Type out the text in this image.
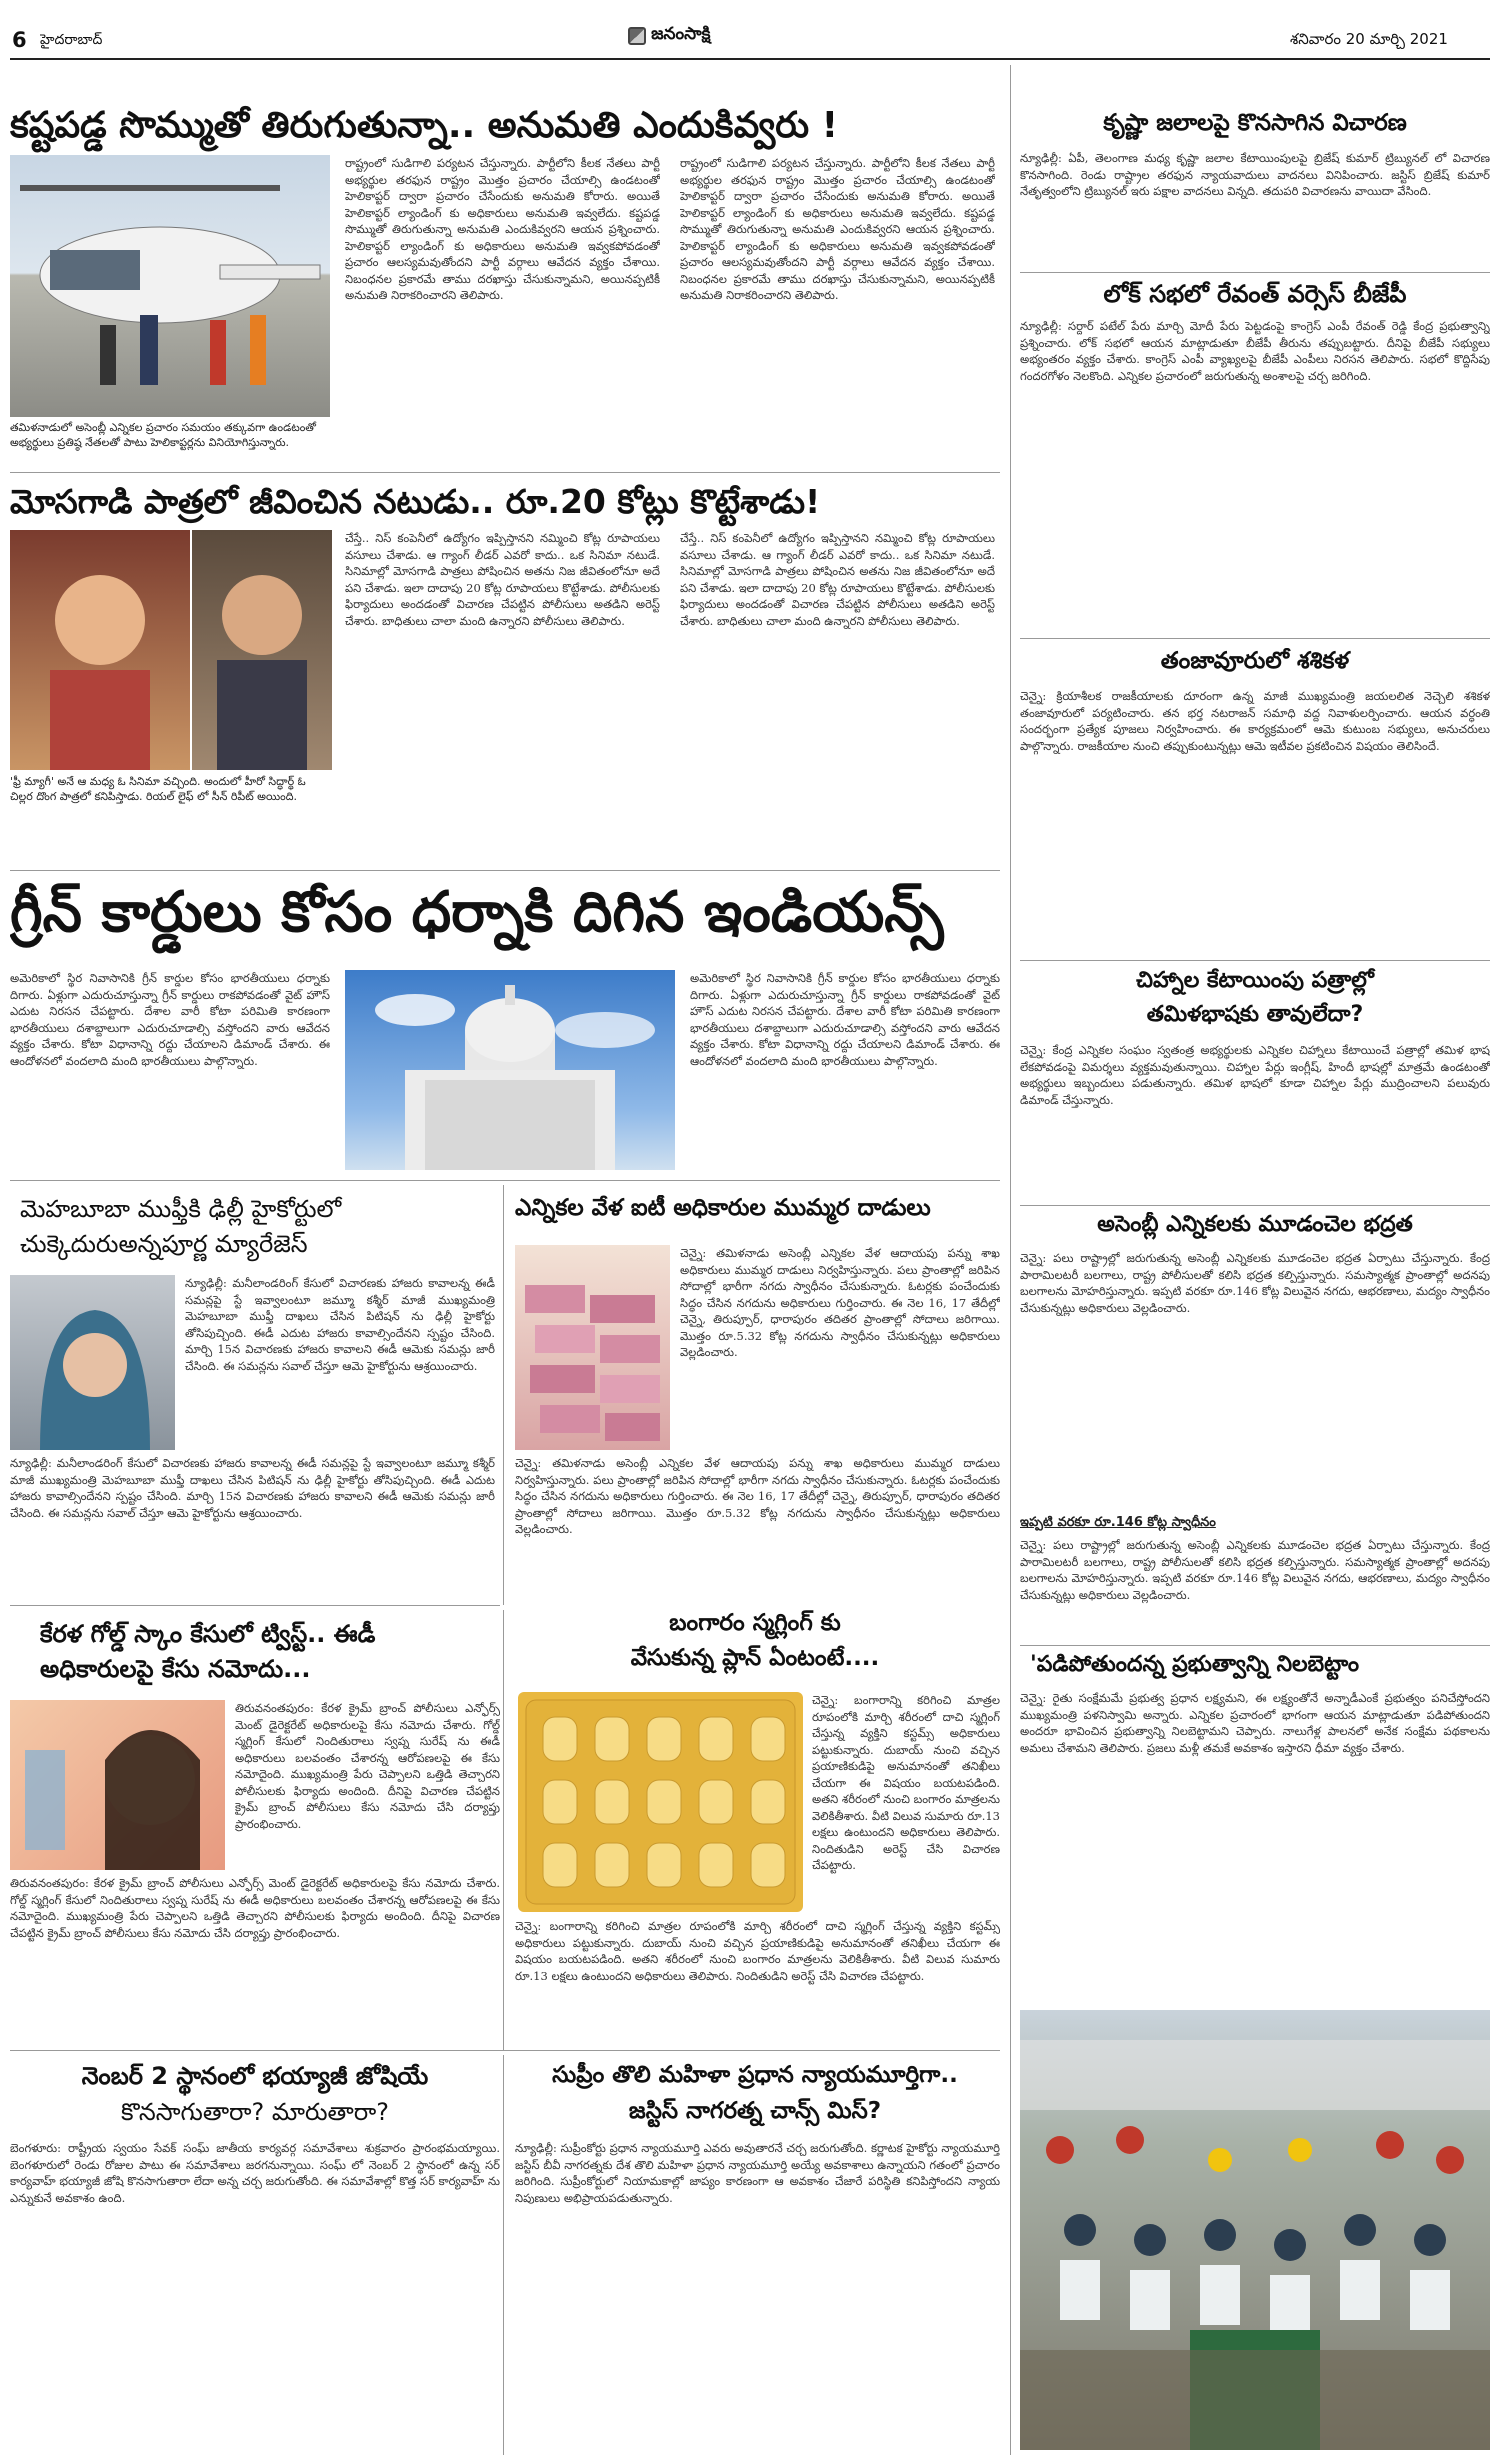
6 హైదరాబాద్	జనంసాక్షి	శనివారం 20 మార్చి 2021
కష్టపడ్డ సొమ్ముతో తిరుగుతున్నా.. అనుమతి ఎందుకివ్వరు !
తమిళనాడులో అసెంబ్లీ ఎన్నికల ప్రచారం సమయం తక్కువగా ఉండటంతో అభ్యర్థులు ప్రతిష్ఠ నేతలతో పాటు హెలికాప్టర్లను వినియోగిస్తున్నారు.
రాష్ట్రంలో సుడిగాలి పర్యటన చేస్తున్నారు. పార్టీలోని కీలక నేతలు పార్టీ అభ్యర్థుల తరఫున రాష్ట్రం మొత్తం ప్రచారం చేయాల్సి ఉండటంతో హెలికాప్టర్ ద్వారా ప్రచారం చేసేందుకు అనుమతి కోరారు. అయితే హెలికాప్టర్ ల్యాండింగ్ కు అధికారులు అనుమతి ఇవ్వలేదు. కష్టపడ్డ సొమ్ముతో తిరుగుతున్నా అనుమతి ఎందుకివ్వరని ఆయన ప్రశ్నించారు. హెలికాప్టర్ ల్యాండింగ్ కు అధికారులు అనుమతి ఇవ్వకపోవడంతో ప్రచారం ఆలస్యమవుతోందని పార్టీ వర్గాలు ఆవేదన వ్యక్తం చేశాయి. నిబంధనల ప్రకారమే తాము దరఖాస్తు చేసుకున్నామని, అయినప్పటికీ అనుమతి నిరాకరించారని తెలిపారు.
రాష్ట్రంలో సుడిగాలి పర్యటన చేస్తున్నారు. పార్టీలోని కీలక నేతలు పార్టీ అభ్యర్థుల తరఫున రాష్ట్రం మొత్తం ప్రచారం చేయాల్సి ఉండటంతో హెలికాప్టర్ ద్వారా ప్రచారం చేసేందుకు అనుమతి కోరారు. అయితే హెలికాప్టర్ ల్యాండింగ్ కు అధికారులు అనుమతి ఇవ్వలేదు. కష్టపడ్డ సొమ్ముతో తిరుగుతున్నా అనుమతి ఎందుకివ్వరని ఆయన ప్రశ్నించారు. హెలికాప్టర్ ల్యాండింగ్ కు అధికారులు అనుమతి ఇవ్వకపోవడంతో ప్రచారం ఆలస్యమవుతోందని పార్టీ వర్గాలు ఆవేదన వ్యక్తం చేశాయి. నిబంధనల ప్రకారమే తాము దరఖాస్తు చేసుకున్నామని, అయినప్పటికీ అనుమతి నిరాకరించారని తెలిపారు.
మోసగాడి పాత్రలో జీవించిన నటుడు.. రూ.20 కోట్లు కొట్టేశాడు!
'ఫ్రీ మ్యాగీ' అనే ఆ మధ్య ఓ సినిమా వచ్చింది. అందులో హీరో సిద్ధార్థ్ ఓ చిల్లర దొంగ పాత్రలో కనిపిస్తాడు. రియల్ లైఫ్ లో సీన్ రిపీట్ అయింది.
చేస్తే.. నిస్ కంపెనీలో ఉద్యోగం ఇప్పిస్తానని నమ్మించి కోట్ల రూపాయలు వసూలు చేశాడు. ఆ గ్యాంగ్ లీడర్ ఎవరో కాదు.. ఒక సినిమా నటుడే. సినిమాల్లో మోసగాడి పాత్రలు పోషించిన అతను నిజ జీవితంలోనూ అదే పని చేశాడు. ఇలా దాదాపు 20 కోట్ల రూపాయలు కొట్టేశాడు. పోలీసులకు ఫిర్యాదులు అందడంతో విచారణ చేపట్టిన పోలీసులు అతడిని అరెస్ట్ చేశారు. బాధితులు చాలా మంది ఉన్నారని పోలీసులు తెలిపారు.
చేస్తే.. నిస్ కంపెనీలో ఉద్యోగం ఇప్పిస్తానని నమ్మించి కోట్ల రూపాయలు వసూలు చేశాడు. ఆ గ్యాంగ్ లీడర్ ఎవరో కాదు.. ఒక సినిమా నటుడే. సినిమాల్లో మోసగాడి పాత్రలు పోషించిన అతను నిజ జీవితంలోనూ అదే పని చేశాడు. ఇలా దాదాపు 20 కోట్ల రూపాయలు కొట్టేశాడు. పోలీసులకు ఫిర్యాదులు అందడంతో విచారణ చేపట్టిన పోలీసులు అతడిని అరెస్ట్ చేశారు. బాధితులు చాలా మంది ఉన్నారని పోలీసులు తెలిపారు.
గ్రీన్ కార్డులు కోసం ధర్నాకి దిగిన ఇండియన్స్
అమెరికాలో స్థిర నివాసానికి గ్రీన్ కార్డుల కోసం భారతీయులు ధర్నాకు దిగారు. ఏళ్లుగా ఎదురుచూస్తున్నా గ్రీన్ కార్డులు రాకపోవడంతో వైట్ హౌస్ ఎదుట నిరసన చేపట్టారు. దేశాల వారీ కోటా పరిమితి కారణంగా భారతీయులు దశాబ్దాలుగా ఎదురుచూడాల్సి వస్తోందని వారు ఆవేదన వ్యక్తం చేశారు. కోటా విధానాన్ని రద్దు చేయాలని డిమాండ్ చేశారు. ఈ ఆందోళనలో వందలాది మంది భారతీయులు పాల్గొన్నారు.
అమెరికాలో స్థిర నివాసానికి గ్రీన్ కార్డుల కోసం భారతీయులు ధర్నాకు దిగారు. ఏళ్లుగా ఎదురుచూస్తున్నా గ్రీన్ కార్డులు రాకపోవడంతో వైట్ హౌస్ ఎదుట నిరసన చేపట్టారు. దేశాల వారీ కోటా పరిమితి కారణంగా భారతీయులు దశాబ్దాలుగా ఎదురుచూడాల్సి వస్తోందని వారు ఆవేదన వ్యక్తం చేశారు. కోటా విధానాన్ని రద్దు చేయాలని డిమాండ్ చేశారు. ఈ ఆందోళనలో వందలాది మంది భారతీయులు పాల్గొన్నారు.
మెహబూబా ముఫ్తీకి ఢిల్లీ హైకోర్టులో
చుక్కెదురుఅన్నపూర్ణ మ్యారేజెస్
న్యూఢిల్లీ: మనీలాండరింగ్ కేసులో విచారణకు హాజరు కావాలన్న ఈడీ సమన్లపై స్టే ఇవ్వాలంటూ జమ్మూ కశ్మీర్ మాజీ ముఖ్యమంత్రి మెహబూబా ముఫ్తీ దాఖలు చేసిన పిటిషన్ ను ఢిల్లీ హైకోర్టు తోసిపుచ్చింది. ఈడీ ఎదుట హాజరు కావాల్సిందేనని స్పష్టం చేసింది. మార్చి 15న విచారణకు హాజరు కావాలని ఈడీ ఆమెకు సమన్లు జారీ చేసింది. ఈ సమన్లను సవాల్ చేస్తూ ఆమె హైకోర్టును ఆశ్రయించారు.
న్యూఢిల్లీ: మనీలాండరింగ్ కేసులో విచారణకు హాజరు కావాలన్న ఈడీ సమన్లపై స్టే ఇవ్వాలంటూ జమ్మూ కశ్మీర్ మాజీ ముఖ్యమంత్రి మెహబూబా ముఫ్తీ దాఖలు చేసిన పిటిషన్ ను ఢిల్లీ హైకోర్టు తోసిపుచ్చింది. ఈడీ ఎదుట హాజరు కావాల్సిందేనని స్పష్టం చేసింది. మార్చి 15న విచారణకు హాజరు కావాలని ఈడీ ఆమెకు సమన్లు జారీ చేసింది. ఈ సమన్లను సవాల్ చేస్తూ ఆమె హైకోర్టును ఆశ్రయించారు.
ఎన్నికల వేళ ఐటీ అధికారుల ముమ్మర దాడులు
చెన్నై: తమిళనాడు అసెంబ్లీ ఎన్నికల వేళ ఆదాయపు పన్ను శాఖ అధికారులు ముమ్మర దాడులు నిర్వహిస్తున్నారు. పలు ప్రాంతాల్లో జరిపిన సోదాల్లో భారీగా నగదు స్వాధీనం చేసుకున్నారు. ఓటర్లకు పంచేందుకు సిద్ధం చేసిన నగదును అధికారులు గుర్తించారు. ఈ నెల 16, 17 తేదీల్లో చెన్నై, తిరుప్పూర్, ధారాపురం తదితర ప్రాంతాల్లో సోదాలు జరిగాయి. మొత్తం రూ.5.32 కోట్ల నగదును స్వాధీనం చేసుకున్నట్లు అధికారులు వెల్లడించారు.
చెన్నై: తమిళనాడు అసెంబ్లీ ఎన్నికల వేళ ఆదాయపు పన్ను శాఖ అధికారులు ముమ్మర దాడులు నిర్వహిస్తున్నారు. పలు ప్రాంతాల్లో జరిపిన సోదాల్లో భారీగా నగదు స్వాధీనం చేసుకున్నారు. ఓటర్లకు పంచేందుకు సిద్ధం చేసిన నగదును అధికారులు గుర్తించారు. ఈ నెల 16, 17 తేదీల్లో చెన్నై, తిరుప్పూర్, ధారాపురం తదితర ప్రాంతాల్లో సోదాలు జరిగాయి. మొత్తం రూ.5.32 కోట్ల నగదును స్వాధీనం చేసుకున్నట్లు అధికారులు వెల్లడించారు.
కేరళ గోల్డ్ స్కాం కేసులో ట్విస్ట్.. ఈడీ
అధికారులపై కేసు నమోదు...
తిరువనంతపురం: కేరళ క్రైమ్ బ్రాంచ్ పోలీసులు ఎన్ఫోర్స్ మెంట్ డైరెక్టరేట్ అధికారులపై కేసు నమోదు చేశారు. గోల్డ్ స్మగ్లింగ్ కేసులో నిందితురాలు స్వప్న సురేష్ ను ఈడీ అధికారులు బలవంతం చేశారన్న ఆరోపణలపై ఈ కేసు నమోదైంది. ముఖ్యమంత్రి పేరు చెప్పాలని ఒత్తిడి తెచ్చారని పోలీసులకు ఫిర్యాదు అందింది. దీనిపై విచారణ చేపట్టిన క్రైమ్ బ్రాంచ్ పోలీసులు కేసు నమోదు చేసి దర్యాప్తు ప్రారంభించారు.
తిరువనంతపురం: కేరళ క్రైమ్ బ్రాంచ్ పోలీసులు ఎన్ఫోర్స్ మెంట్ డైరెక్టరేట్ అధికారులపై కేసు నమోదు చేశారు. గోల్డ్ స్మగ్లింగ్ కేసులో నిందితురాలు స్వప్న సురేష్ ను ఈడీ అధికారులు బలవంతం చేశారన్న ఆరోపణలపై ఈ కేసు నమోదైంది. ముఖ్యమంత్రి పేరు చెప్పాలని ఒత్తిడి తెచ్చారని పోలీసులకు ఫిర్యాదు అందింది. దీనిపై విచారణ చేపట్టిన క్రైమ్ బ్రాంచ్ పోలీసులు కేసు నమోదు చేసి దర్యాప్తు ప్రారంభించారు.
బంగారం స్మగ్లింగ్ కు
వేసుకున్న ప్లాన్ ఏంటంటే....
చెన్నై: బంగారాన్ని కరిగించి మాత్రల రూపంలోకి మార్చి శరీరంలో దాచి స్మగ్లింగ్ చేస్తున్న వ్యక్తిని కస్టమ్స్ అధికారులు పట్టుకున్నారు. దుబాయ్ నుంచి వచ్చిన ప్రయాణికుడిపై అనుమానంతో తనిఖీలు చేయగా ఈ విషయం బయటపడింది. అతని శరీరంలో నుంచి బంగారం మాత్రలను వెలికితీశారు. వీటి విలువ సుమారు రూ.13 లక్షలు ఉంటుందని అధికారులు తెలిపారు. నిందితుడిని అరెస్ట్ చేసి విచారణ చేపట్టారు.
చెన్నై: బంగారాన్ని కరిగించి మాత్రల రూపంలోకి మార్చి శరీరంలో దాచి స్మగ్లింగ్ చేస్తున్న వ్యక్తిని కస్టమ్స్ అధికారులు పట్టుకున్నారు. దుబాయ్ నుంచి వచ్చిన ప్రయాణికుడిపై అనుమానంతో తనిఖీలు చేయగా ఈ విషయం బయటపడింది. అతని శరీరంలో నుంచి బంగారం మాత్రలను వెలికితీశారు. వీటి విలువ సుమారు రూ.13 లక్షలు ఉంటుందని అధికారులు తెలిపారు. నిందితుడిని అరెస్ట్ చేసి విచారణ చేపట్టారు.
నెంబర్ 2 స్థానంలో భయ్యాజీ జోషియే
కొనసాగుతారా? మారుతారా?
బెంగళూరు: రాష్ట్రీయ స్వయం సేవక్ సంఘ్ జాతీయ కార్యవర్గ సమావేశాలు శుక్రవారం ప్రారంభమయ్యాయి. బెంగళూరులో రెండు రోజుల పాటు ఈ సమావేశాలు జరగనున్నాయి. సంఘ్ లో నెంబర్ 2 స్థానంలో ఉన్న సర్ కార్యవాహ్ భయ్యాజీ జోషి కొనసాగుతారా లేదా అన్న చర్చ జరుగుతోంది. ఈ సమావేశాల్లో కొత్త సర్ కార్యవాహ్ ను ఎన్నుకునే అవకాశం ఉంది.
సుప్రీం తొలి మహిళా ప్రధాన న్యాయమూర్తిగా..
జస్టిస్ నాగరత్న చాన్స్ మిస్?
న్యూఢిల్లీ: సుప్రీంకోర్టు ప్రధాన న్యాయమూర్తి ఎవరు అవుతారనే చర్చ జరుగుతోంది. కర్ణాటక హైకోర్టు న్యాయమూర్తి జస్టిస్ బీవీ నాగరత్నకు దేశ తొలి మహిళా ప్రధాన న్యాయమూర్తి అయ్యే అవకాశాలు ఉన్నాయని గతంలో ప్రచారం జరిగింది. సుప్రీంకోర్టులో నియామకాల్లో జాప్యం కారణంగా ఆ అవకాశం చేజారే పరిస్థితి కనిపిస్తోందని న్యాయ నిపుణులు అభిప్రాయపడుతున్నారు.
కృష్ణా జలాలపై కొనసాగిన విచారణ
న్యూఢిల్లీ: ఏపీ, తెలంగాణ మధ్య కృష్ణా జలాల కేటాయింపులపై బ్రిజేష్ కుమార్ ట్రిబ్యునల్ లో విచారణ కొనసాగింది. రెండు రాష్ట్రాల తరఫున న్యాయవాదులు వాదనలు వినిపించారు. జస్టిస్ బ్రిజేష్ కుమార్ నేతృత్వంలోని ట్రిబ్యునల్ ఇరు పక్షాల వాదనలు విన్నది. తదుపరి విచారణను వాయిదా వేసింది.
లోక్ సభలో రేవంత్ వర్సెస్ బీజేపీ
న్యూఢిల్లీ: సర్దార్ పటేల్ పేరు మార్చి మోదీ పేరు పెట్టడంపై కాంగ్రెస్ ఎంపీ రేవంత్ రెడ్డి కేంద్ర ప్రభుత్వాన్ని ప్రశ్నించారు. లోక్ సభలో ఆయన మాట్లాడుతూ బీజేపీ తీరును తప్పుబట్టారు. దీనిపై బీజేపీ సభ్యులు అభ్యంతరం వ్యక్తం చేశారు. కాంగ్రెస్ ఎంపీ వ్యాఖ్యలపై బీజేపీ ఎంపీలు నిరసన తెలిపారు. సభలో కొద్దిసేపు గందరగోళం నెలకొంది. ఎన్నికల ప్రచారంలో జరుగుతున్న అంశాలపై చర్చ జరిగింది.
తంజావూరులో శశికళ
చెన్నై: క్రియాశీలక రాజకీయాలకు దూరంగా ఉన్న మాజీ ముఖ్యమంత్రి జయలలిత నెచ్చెలి శశికళ తంజావూరులో పర్యటించారు. తన భర్త నటరాజన్ సమాధి వద్ద నివాళులర్పించారు. ఆయన వర్ధంతి సందర్భంగా ప్రత్యేక పూజలు నిర్వహించారు. ఈ కార్యక్రమంలో ఆమె కుటుంబ సభ్యులు, అనుచరులు పాల్గొన్నారు. రాజకీయాల నుంచి తప్పుకుంటున్నట్లు ఆమె ఇటీవల ప్రకటించిన విషయం తెలిసిందే.
చిహ్నాల కేటాయింపు పత్రాల్లో
తమిళభాషకు తావులేదా?
చెన్నై: కేంద్ర ఎన్నికల సంఘం స్వతంత్ర అభ్యర్థులకు ఎన్నికల చిహ్నాలు కేటాయించే పత్రాల్లో తమిళ భాష లేకపోవడంపై విమర్శలు వ్యక్తమవుతున్నాయి. చిహ్నాల పేర్లు ఇంగ్లీష్, హిందీ భాషల్లో మాత్రమే ఉండటంతో అభ్యర్థులు ఇబ్బందులు పడుతున్నారు. తమిళ భాషలో కూడా చిహ్నాల పేర్లు ముద్రించాలని పలువురు డిమాండ్ చేస్తున్నారు.
అసెంబ్లీ ఎన్నికలకు మూడంచెల భద్రత
చెన్నై: పలు రాష్ట్రాల్లో జరుగుతున్న అసెంబ్లీ ఎన్నికలకు మూడంచెల భద్రత ఏర్పాటు చేస్తున్నారు. కేంద్ర పారామిలటరీ బలగాలు, రాష్ట్ర పోలీసులతో కలిసి భద్రత కల్పిస్తున్నారు. సమస్యాత్మక ప్రాంతాల్లో అదనపు బలగాలను మోహరిస్తున్నారు. ఇప్పటి వరకూ రూ.146 కోట్ల విలువైన నగదు, ఆభరణాలు, మద్యం స్వాధీనం చేసుకున్నట్లు అధికారులు వెల్లడించారు.
ఇప్పటి వరకూ రూ.146 కోట్ల స్వాధీనం
చెన్నై: పలు రాష్ట్రాల్లో జరుగుతున్న అసెంబ్లీ ఎన్నికలకు మూడంచెల భద్రత ఏర్పాటు చేస్తున్నారు. కేంద్ర పారామిలటరీ బలగాలు, రాష్ట్ర పోలీసులతో కలిసి భద్రత కల్పిస్తున్నారు. సమస్యాత్మక ప్రాంతాల్లో అదనపు బలగాలను మోహరిస్తున్నారు. ఇప్పటి వరకూ రూ.146 కోట్ల విలువైన నగదు, ఆభరణాలు, మద్యం స్వాధీనం చేసుకున్నట్లు అధికారులు వెల్లడించారు.
'పడిపోతుందన్న ప్రభుత్వాన్ని నిలబెట్టాం
చెన్నై: రైతు సంక్షేమమే ప్రభుత్వ ప్రధాన లక్ష్యమని, ఈ లక్ష్యంతోనే అన్నాడీఎంకే ప్రభుత్వం పనిచేస్తోందని ముఖ్యమంత్రి పళనిస్వామి అన్నారు. ఎన్నికల ప్రచారంలో భాగంగా ఆయన మాట్లాడుతూ పడిపోతుందని అందరూ భావించిన ప్రభుత్వాన్ని నిలబెట్టామని చెప్పారు. నాలుగేళ్ల పాలనలో అనేక సంక్షేమ పథకాలను అమలు చేశామని తెలిపారు. ప్రజలు మళ్లీ తమకే అవకాశం ఇస్తారని ధీమా వ్యక్తం చేశారు.
